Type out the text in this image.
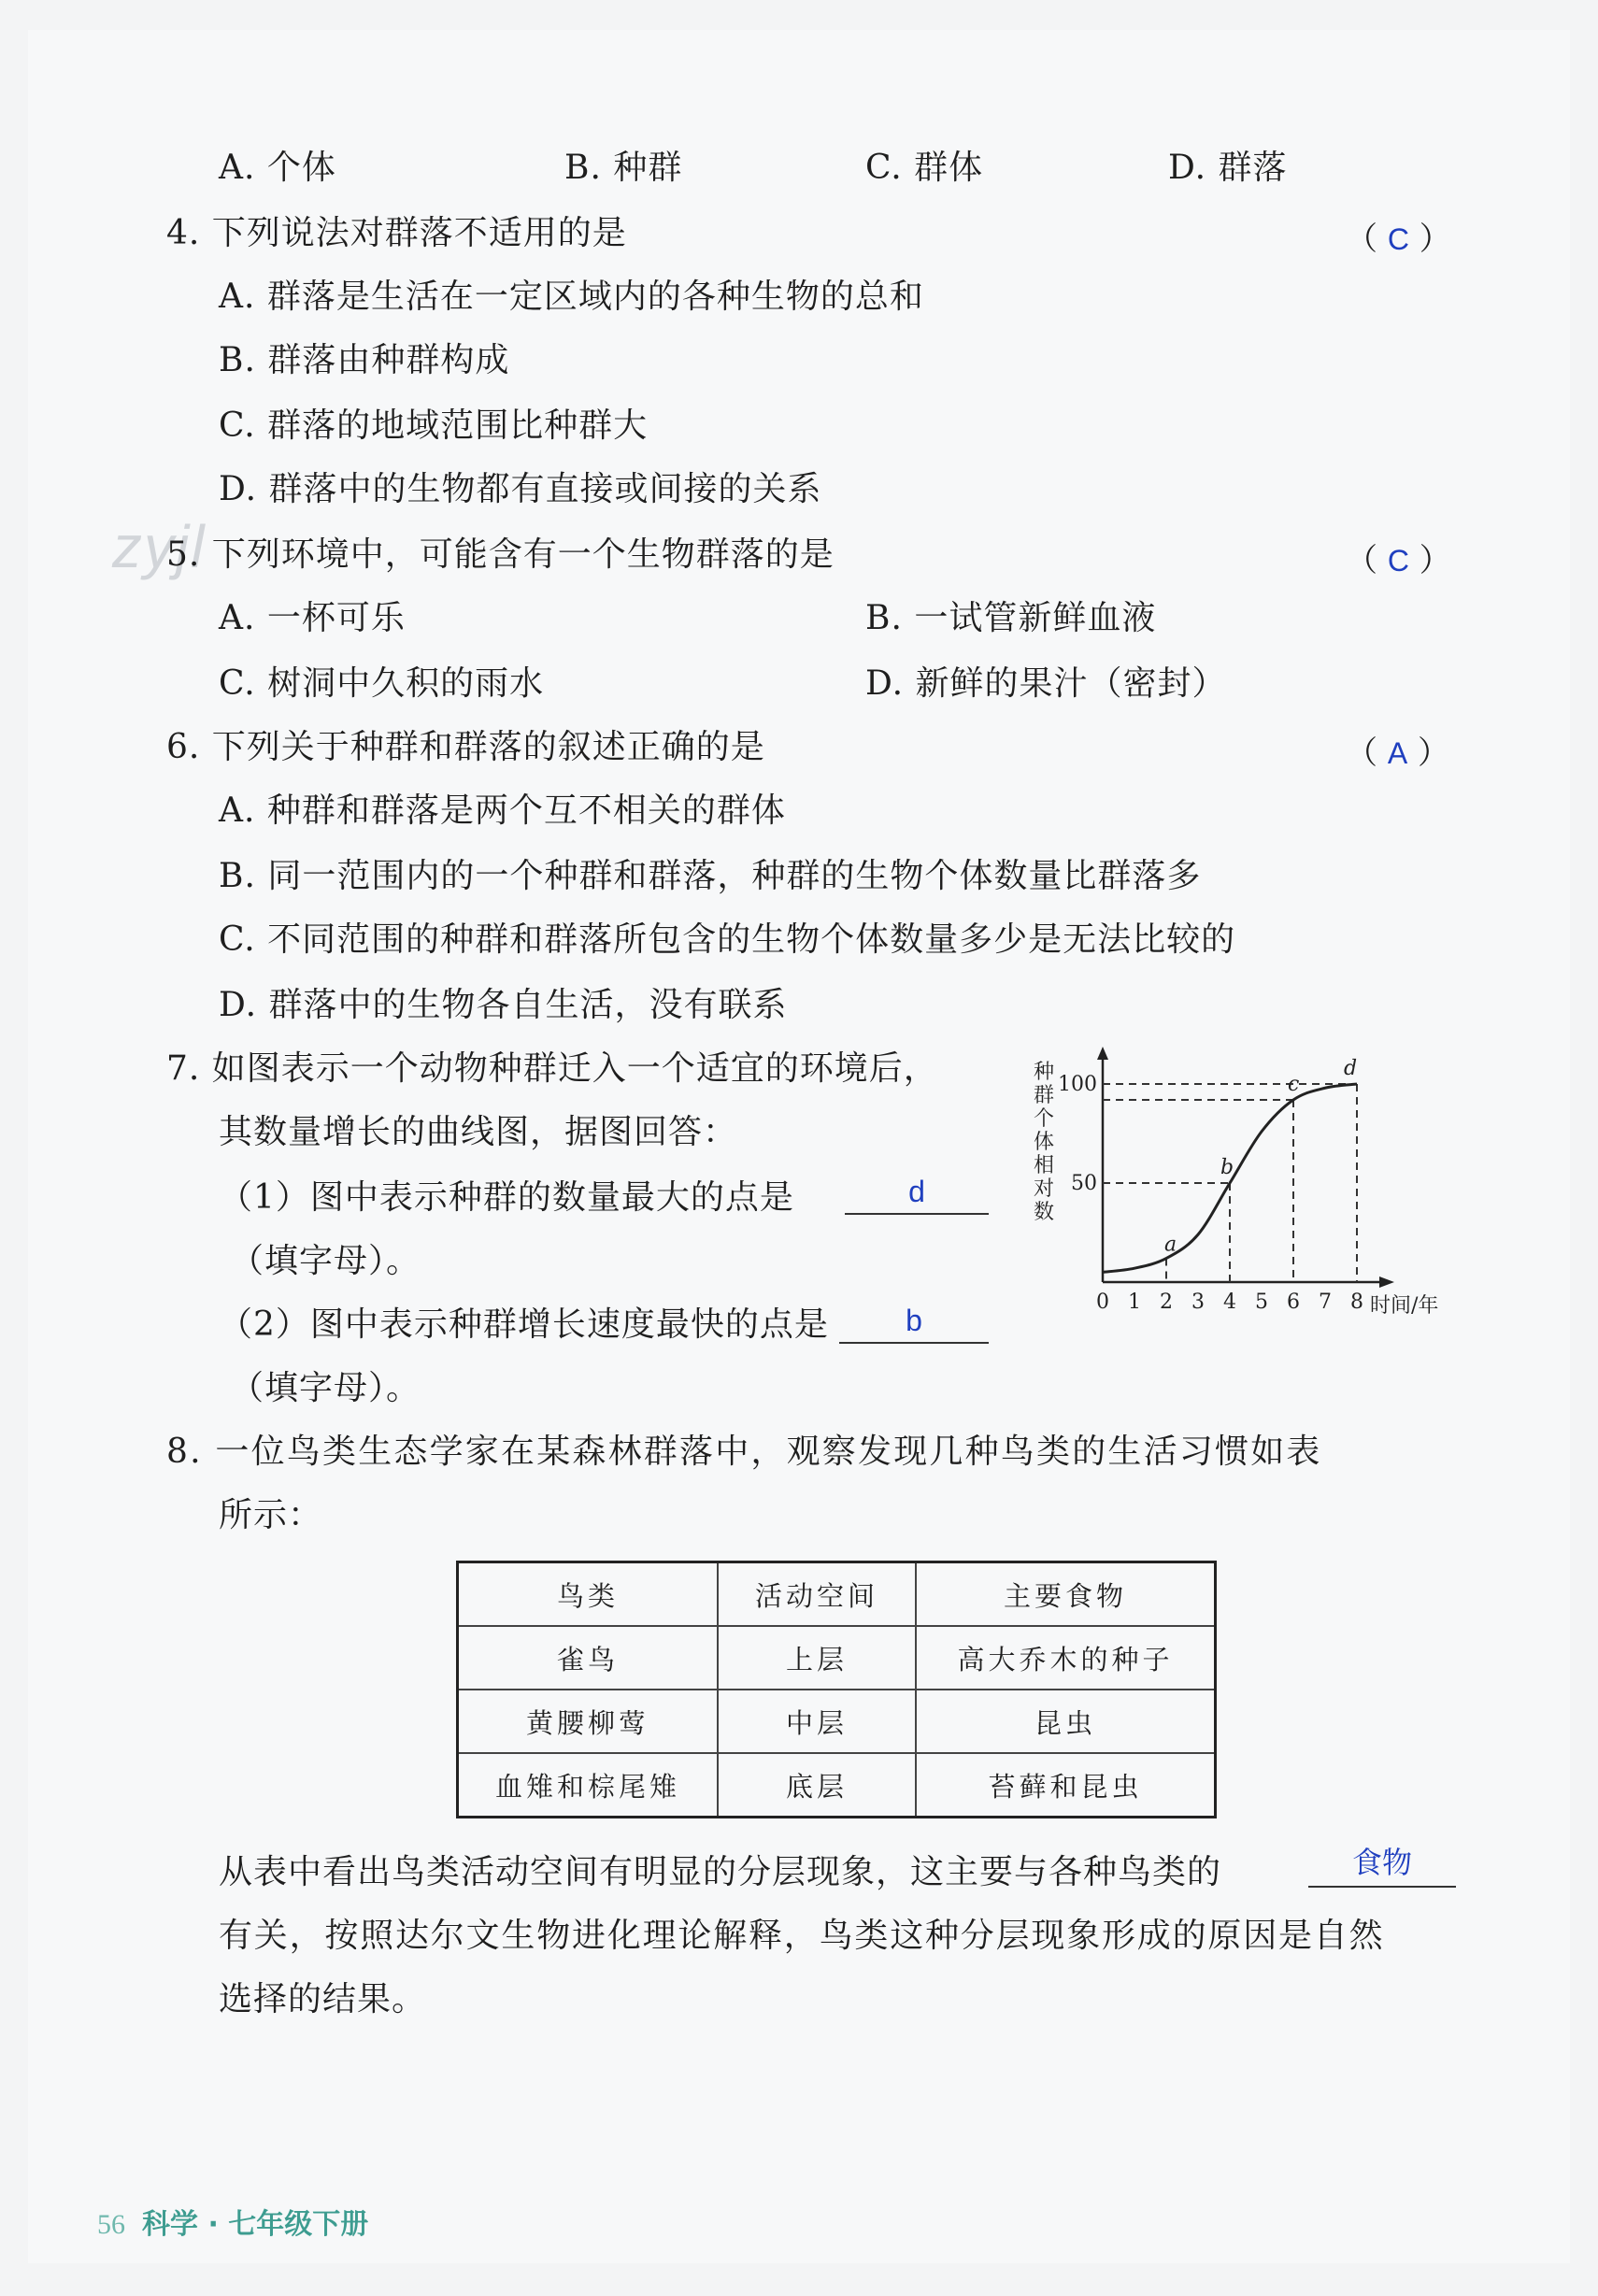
zyjl
A. 个体	B. 种群	C. 群体	D. 群落
4. 下列说法对群落不适用的是	（ C ）
A. 群落是生活在一定区域内的各种生物的总和
B. 群落由种群构成
C. 群落的地域范围比种群大
D. 群落中的生物都有直接或间接的关系
5. 下列环境中，可能含有一个生物群落的是	（ C ）
A. 一杯可乐	B. 一试管新鲜血液
C. 树洞中久积的雨水	D. 新鲜的果汁（密封）
6. 下列关于种群和群落的叙述正确的是	（ A ）
A. 种群和群落是两个互不相关的群体
B. 同一范围内的一个种群和群落，种群的生物个体数量比群落多
C. 不同范围的种群和群落所包含的生物个体数量多少是无法比较的
D. 群落中的生物各自生活，没有联系
7. 如图表示一个动物种群迁入一个适宜的环境后，
其数量增长的曲线图，据图回答：
（1）图中表示种群的数量最大的点是	d
（填字母）。
（2）图中表示种群增长速度最快的点是	b
（填字母）。
种群个体相对数
0 1 2 3 4 5 6 7 8
50
100
a
b
c
d
时间/年
8. 一位鸟类生态学家在某森林群落中，观察发现几种鸟类的生活习惯如表
所示：
鸟类	活动空间	主要食物
雀鸟	上层	高大乔木的种子
黄腰柳莺	中层	昆虫
血雉和棕尾雉	底层	苔藓和昆虫
从表中看出鸟类活动空间有明显的分层现象，这主要与各种鸟类的	食物
有关，按照达尔文生物进化理论解释，鸟类这种分层现象形成的原因是自然
选择的结果。
56 科学 · 七年级下册
